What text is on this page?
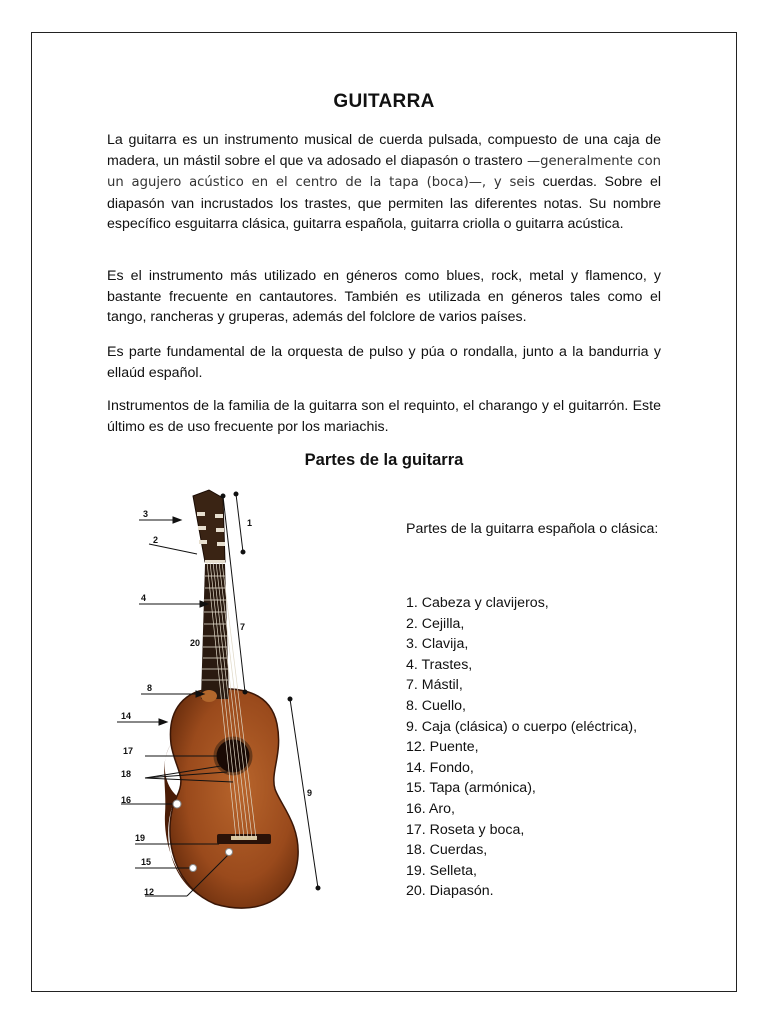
GUITARRA
La guitarra es un instrumento musical de cuerda pulsada, compuesto de una caja de madera, un mástil sobre el que va adosado el diapasón o trastero —generalmente con un agujero acústico en el centro de la tapa (boca)—, y seis cuerdas. Sobre el diapasón van incrustados los trastes, que permiten las diferentes notas. Su nombre específico esguitarra clásica, guitarra española, guitarra criolla o guitarra acústica.
Es el instrumento más utilizado en géneros como blues, rock, metal y flamenco, y bastante frecuente en cantautores. También es utilizada en géneros tales como el tango, rancheras y gruperas, además del folclore de varios países.
Es parte fundamental de la orquesta de pulso y púa o rondalla, junto a la bandurria y ellaúd español.
Instrumentos de la familia de la guitarra son el requinto, el charango y el guitarrón. Este último es de uso frecuente por los mariachis.
Partes de la guitarra
1
2
3
4
7
8
9
12
14
15
16
17
18
19
20
Partes de la guitarra española o clásica:
1. Cabeza y clavijeros,
2. Cejilla,
3. Clavija,
4. Trastes,
7. Mástil,
8. Cuello,
9. Caja (clásica) o cuerpo (eléctrica),
12. Puente,
14. Fondo,
15. Tapa (armónica),
16. Aro,
17. Roseta y boca,
18. Cuerdas,
19. Selleta,
20. Diapasón.
